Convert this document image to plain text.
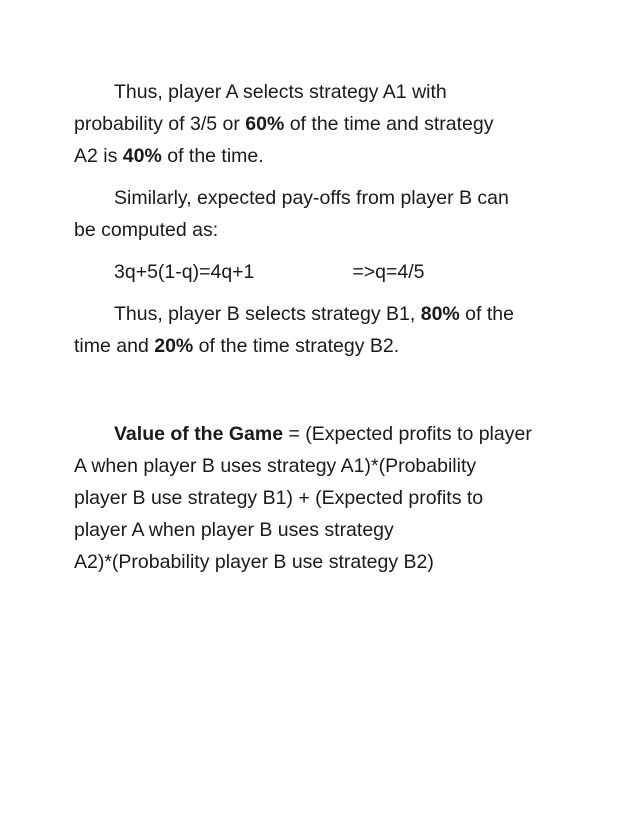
Thus, player A selects strategy A1 with
probability of 3/5 or 60% of the time and strategy
A2 is 40% of the time.
Similarly, expected pay-offs from player B can
be computed as:
3q+5(1-q)=4q+1	=>q=4/5
Thus, player B selects strategy B1, 80% of the
time and 20% of the time strategy B2.
Value of the Game = (Expected profits to player
A when player B uses strategy A1)*(Probability
player B use strategy B1) + (Expected profits to
player A when player B uses strategy
A2)*(Probability player B use strategy B2)
